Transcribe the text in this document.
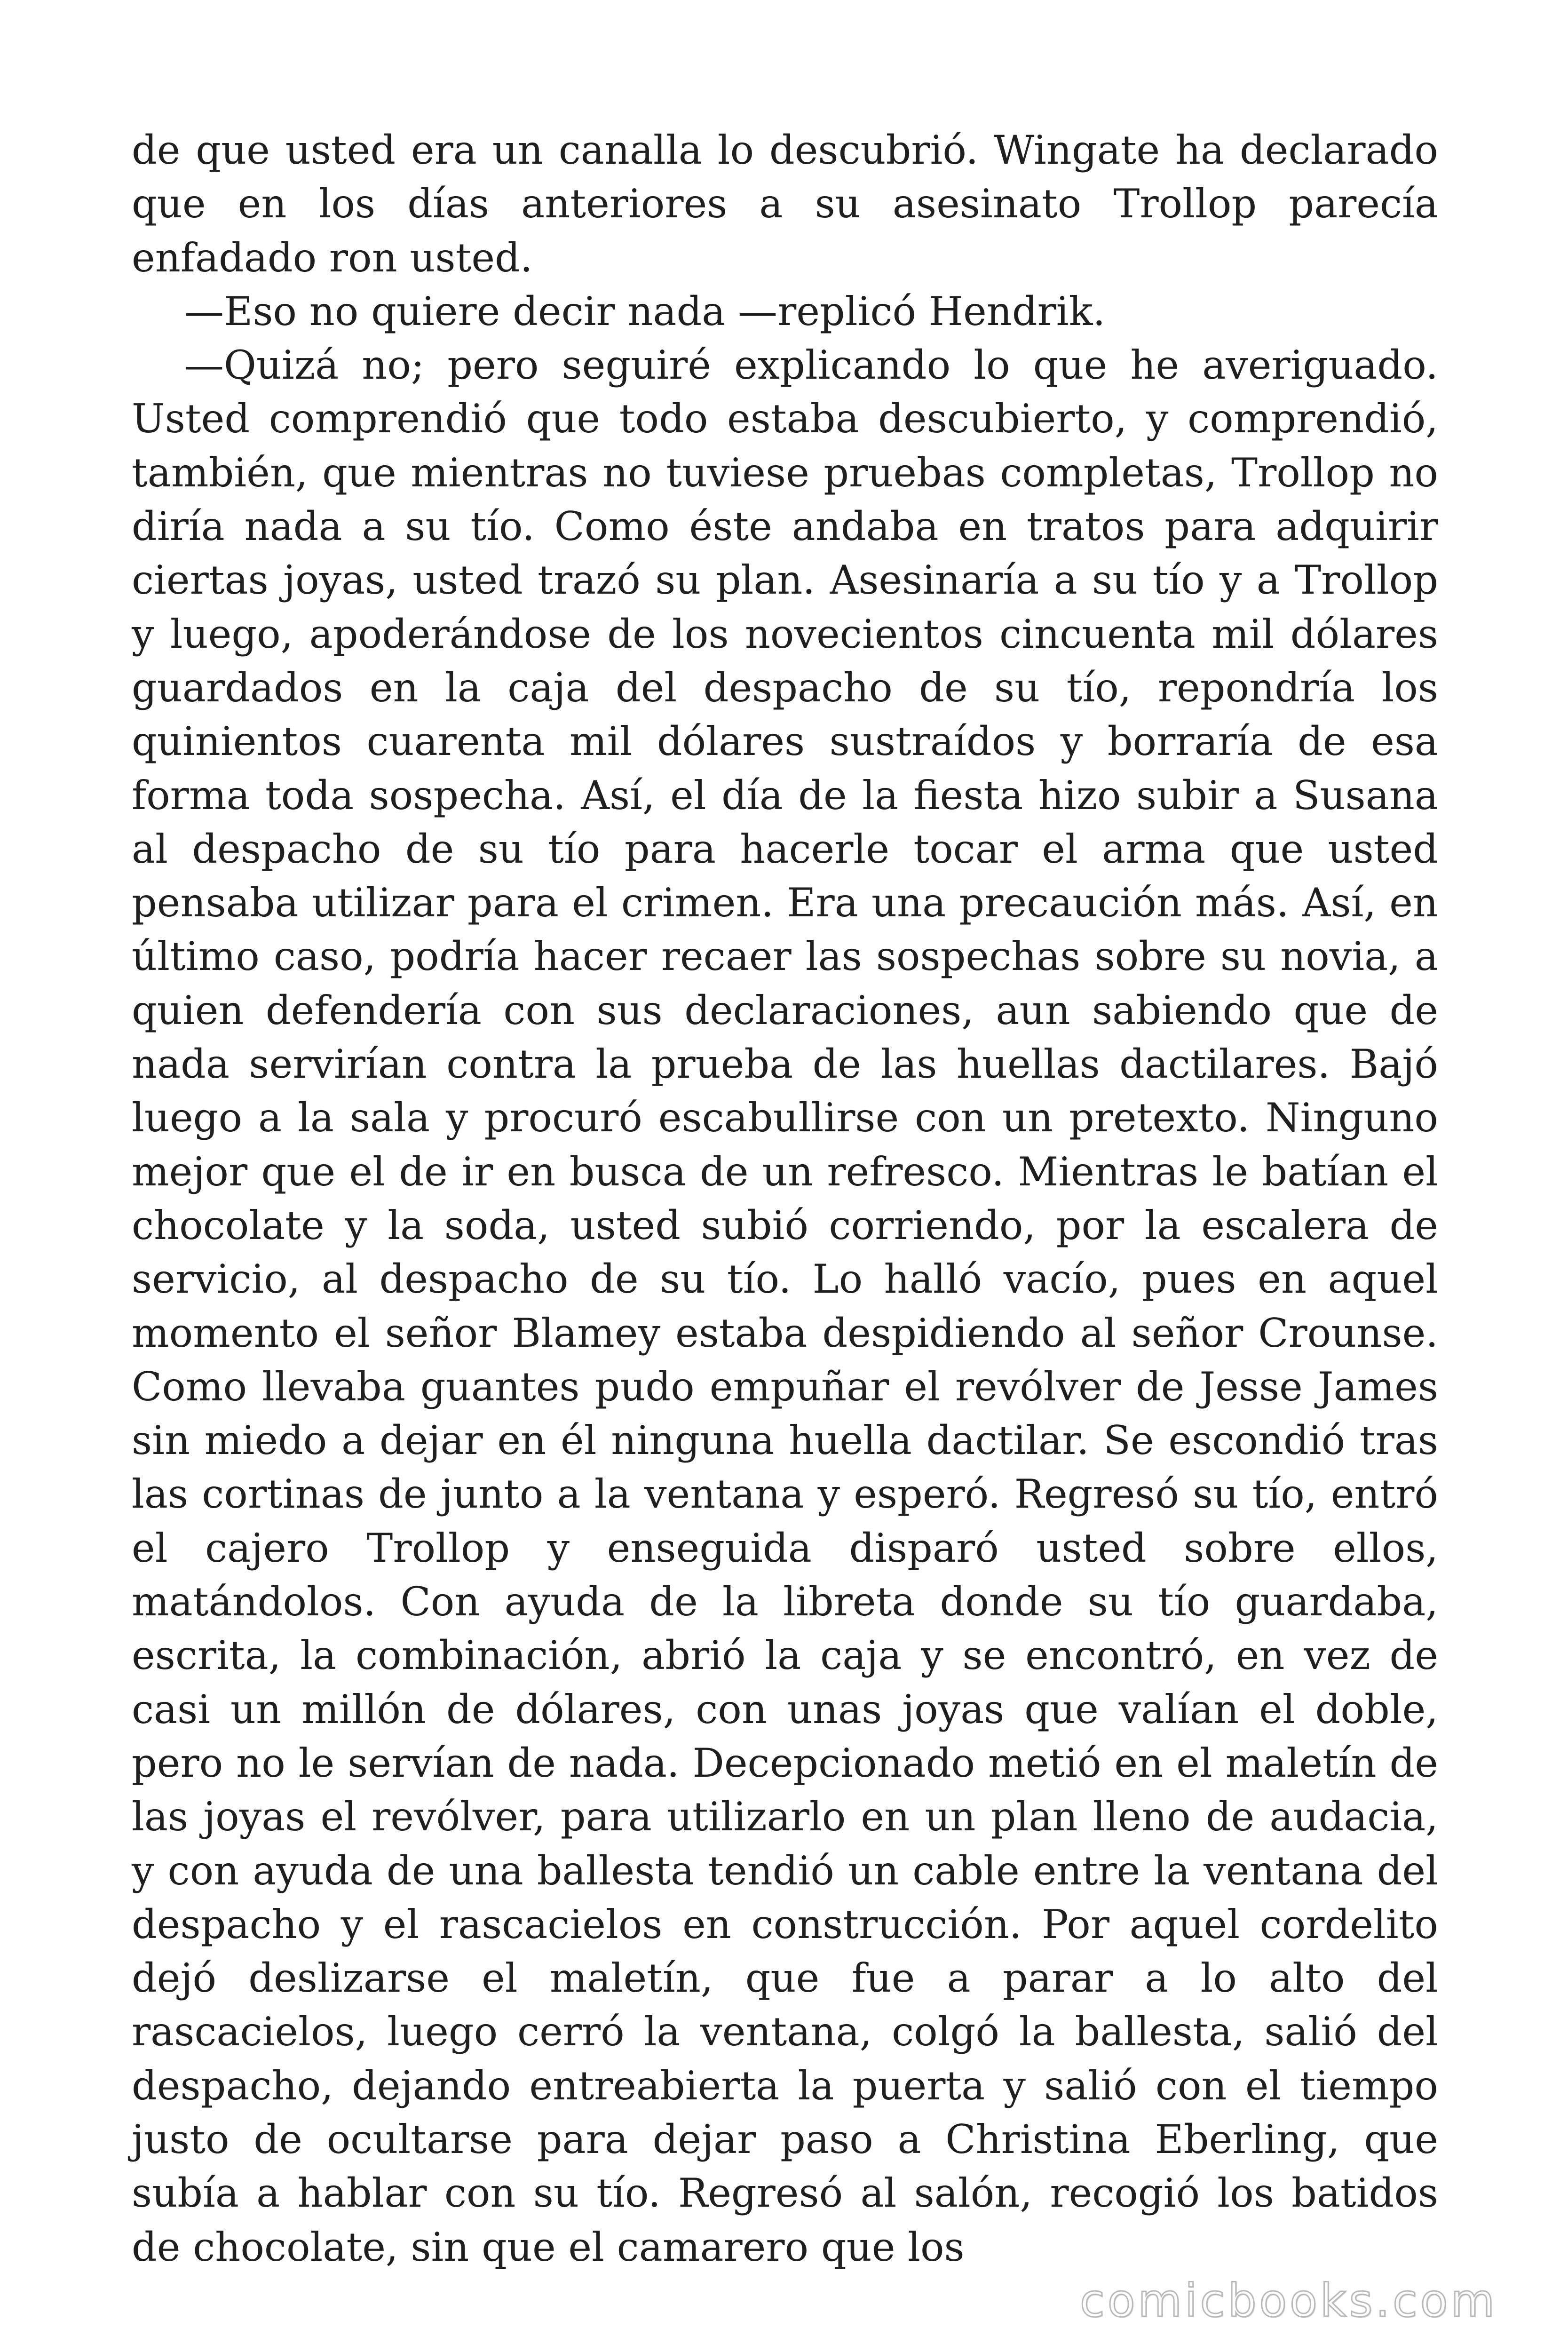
de que usted era un canalla lo descubrió. Wingate ha declarado que en los días anteriores a su asesinato Trollop parecía enfadado ron usted.

—Eso no quiere decir nada —replicó Hendrik.

—Quizá no; pero seguiré explicando lo que he averiguado. Usted comprendió que todo estaba descubierto, y comprendió, también, que mientras no tuviese pruebas completas, Trollop no diría nada a su tío. Como éste andaba en tratos para adquirir ciertas joyas, usted trazó su plan. Asesinaría a su tío y a Trollop y luego, apoderándose de los novecientos cincuenta mil dólares guardados en la caja del despacho de su tío, repondría los quinientos cuarenta mil dólares sustraídos y borraría de esa forma toda sospecha. Así, el día de la fiesta hizo subir a Susana al despacho de su tío para hacerle tocar el arma que usted pensaba utilizar para el crimen. Era una precaución más. Así, en último caso, podría hacer recaer las sospechas sobre su novia, a quien defendería con sus declaraciones, aun sabiendo que de nada servirían contra la prueba de las huellas dactilares. Bajó luego a la sala y procuró escabullirse con un pretexto. Ninguno mejor que el de ir en busca de un refresco. Mientras le batían el chocolate y la soda, usted subió corriendo, por la escalera de servicio, al despacho de su tío. Lo halló vacío, pues en aquel momento el señor Blamey estaba despidiendo al señor Crounse. Como llevaba guantes pudo empuñar el revólver de Jesse James sin miedo a dejar en él ninguna huella dactilar. Se escondió tras las cortinas de junto a la ventana y esperó. Regresó su tío, entró el cajero Trollop y enseguida disparó usted sobre ellos, matándolos. Con ayuda de la libreta donde su tío guardaba, escrita, la combinación, abrió la caja y se encontró, en vez de casi un millón de dólares, con unas joyas que valían el doble, pero no le servían de nada. Decepcionado metió en el maletín de las joyas el revólver, para utilizarlo en un plan lleno de audacia, y con ayuda de una ballesta tendió un cable entre la ventana del despacho y el rascacielos en construcción. Por aquel cordelito dejó deslizarse el maletín, que fue a parar a lo alto del rascacielos, luego cerró la ventana, colgó la ballesta, salió del despacho, dejando entreabierta la puerta y salió con el tiempo justo de ocultarse para dejar paso a Christina Eberling, que subía a hablar con su tío. Regresó al salón, recogió los batidos de chocolate, sin que el camarero que los

comicbooks.com
